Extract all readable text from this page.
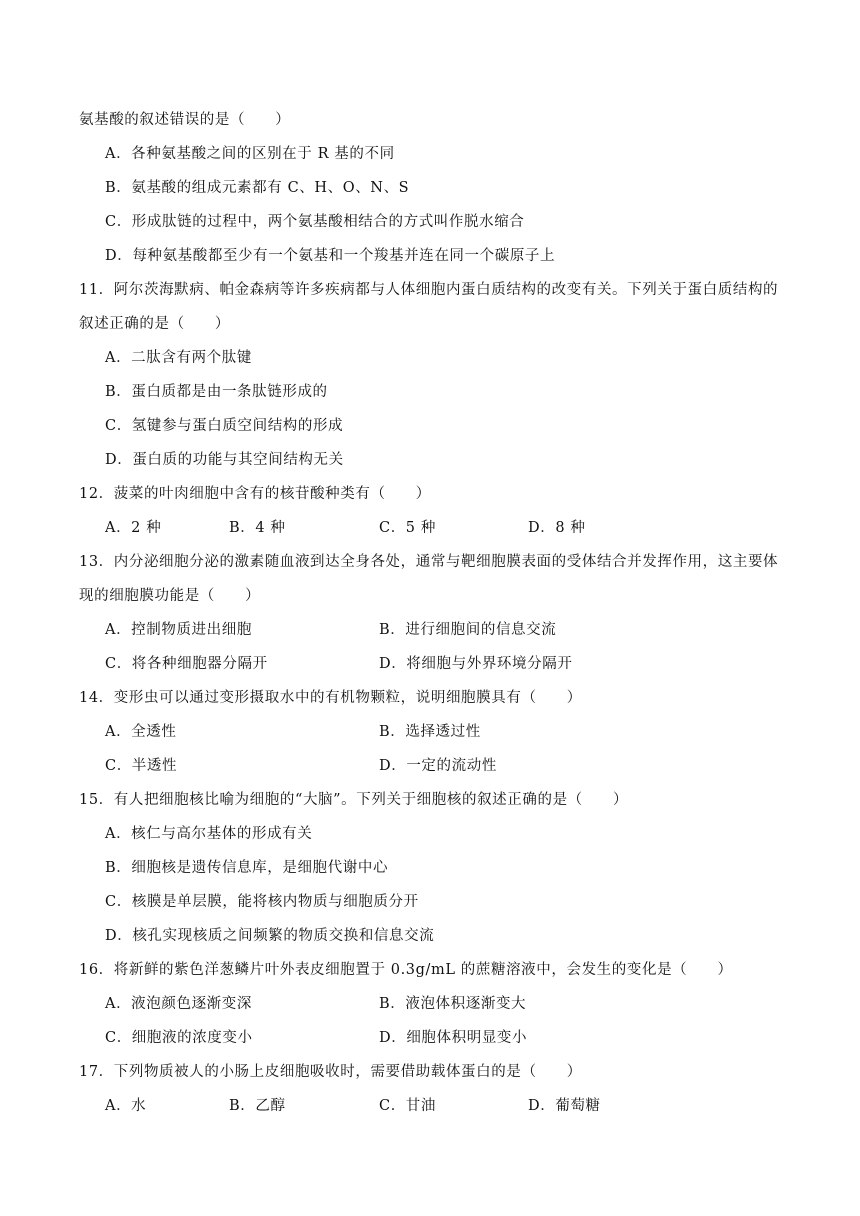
氨基酸的叙述错误的是（　　）
A．各种氨基酸之间的区别在于 R 基的不同
B．氨基酸的组成元素都有 C、H、O、N、S
C．形成肽链的过程中，两个氨基酸相结合的方式叫作脱水缩合
D．每种氨基酸都至少有一个氨基和一个羧基并连在同一个碳原子上
11．阿尔茨海默病、帕金森病等许多疾病都与人体细胞内蛋白质结构的改变有关。下列关于蛋白质结构的
叙述正确的是（　　）
A．二肽含有两个肽键
B．蛋白质都是由一条肽链形成的
C．氢键参与蛋白质空间结构的形成
D．蛋白质的功能与其空间结构无关
12．菠菜的叶肉细胞中含有的核苷酸种类有（　　）
A．2 种	B．4 种	C．5 种	D．8 种
13．内分泌细胞分泌的激素随血液到达全身各处，通常与靶细胞膜表面的受体结合并发挥作用，这主要体
现的细胞膜功能是（　　）
A．控制物质进出细胞	B．进行细胞间的信息交流
C．将各种细胞器分隔开	D．将细胞与外界环境分隔开
14．变形虫可以通过变形摄取水中的有机物颗粒，说明细胞膜具有（　　）
A．全透性	B．选择透过性
C．半透性	D．一定的流动性
15．有人把细胞核比喻为细胞的“大脑”。下列关于细胞核的叙述正确的是（　　）
A．核仁与高尔基体的形成有关
B．细胞核是遗传信息库，是细胞代谢中心
C．核膜是单层膜，能将核内物质与细胞质分开
D．核孔实现核质之间频繁的物质交换和信息交流
16．将新鲜的紫色洋葱鳞片叶外表皮细胞置于 0.3g/mL 的蔗糖溶液中，会发生的变化是（　　）
A．液泡颜色逐渐变深	B．液泡体积逐渐变大
C．细胞液的浓度变小	D．细胞体积明显变小
17．下列物质被人的小肠上皮细胞吸收时，需要借助载体蛋白的是（　　）
A．水	B．乙醇	C．甘油	D．葡萄糖
